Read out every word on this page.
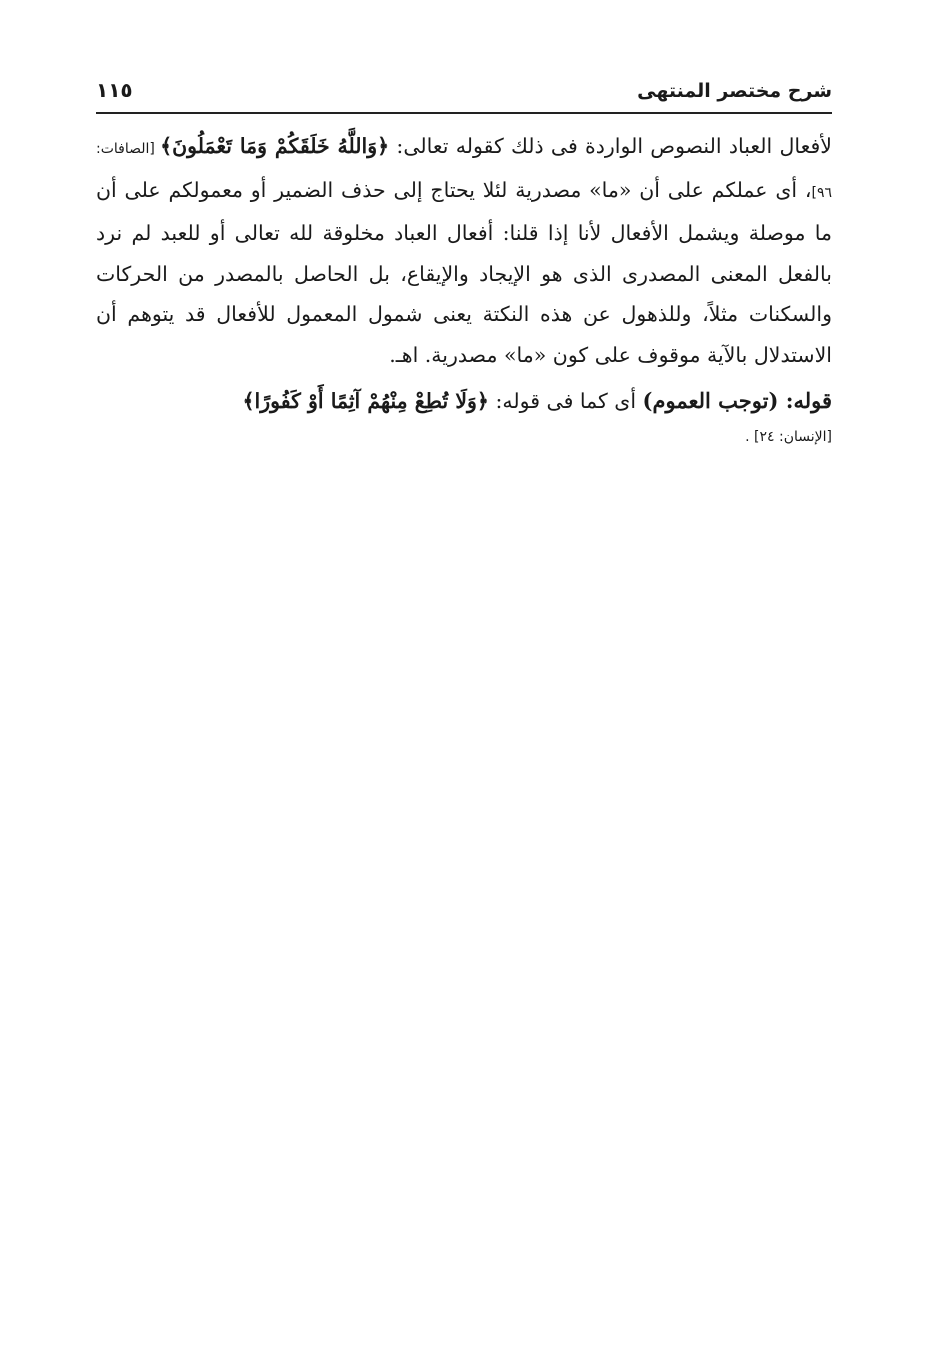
شرح مختصر المنتهى
١١٥

لأفعال العباد النصوص الواردة فى ذلك كقوله تعالى: ﴿وَاللَّهُ خَلَقَكُمْ وَمَا تَعْمَلُونَ﴾ [الصافات: ٩٦]، أى عملكم على أن «ما» مصدرية لئلا يحتاج إلى حذف الضمير أو معمولكم على أن ما موصلة ويشمل الأفعال لأنا إذا قلنا: أفعال العباد مخلوقة لله تعالى أو للعبد لم نرد بالفعل المعنى المصدرى الذى هو الإيجاد والإيقاع، بل الحاصل بالمصدر من الحركات والسكنات مثلاً، وللذهول عن هذه النكتة يعنى شمول المعمول للأفعال قد يتوهم أن الاستدلال بالآية موقوف على كون «ما» مصدرية. اهـ.

قوله: (توجب العموم) أى كما فى قوله: ﴿وَلَا تُطِعْ مِنْهُمْ آثِمًا أَوْ كَفُورًا﴾
[الإنسان: ٢٤] .
